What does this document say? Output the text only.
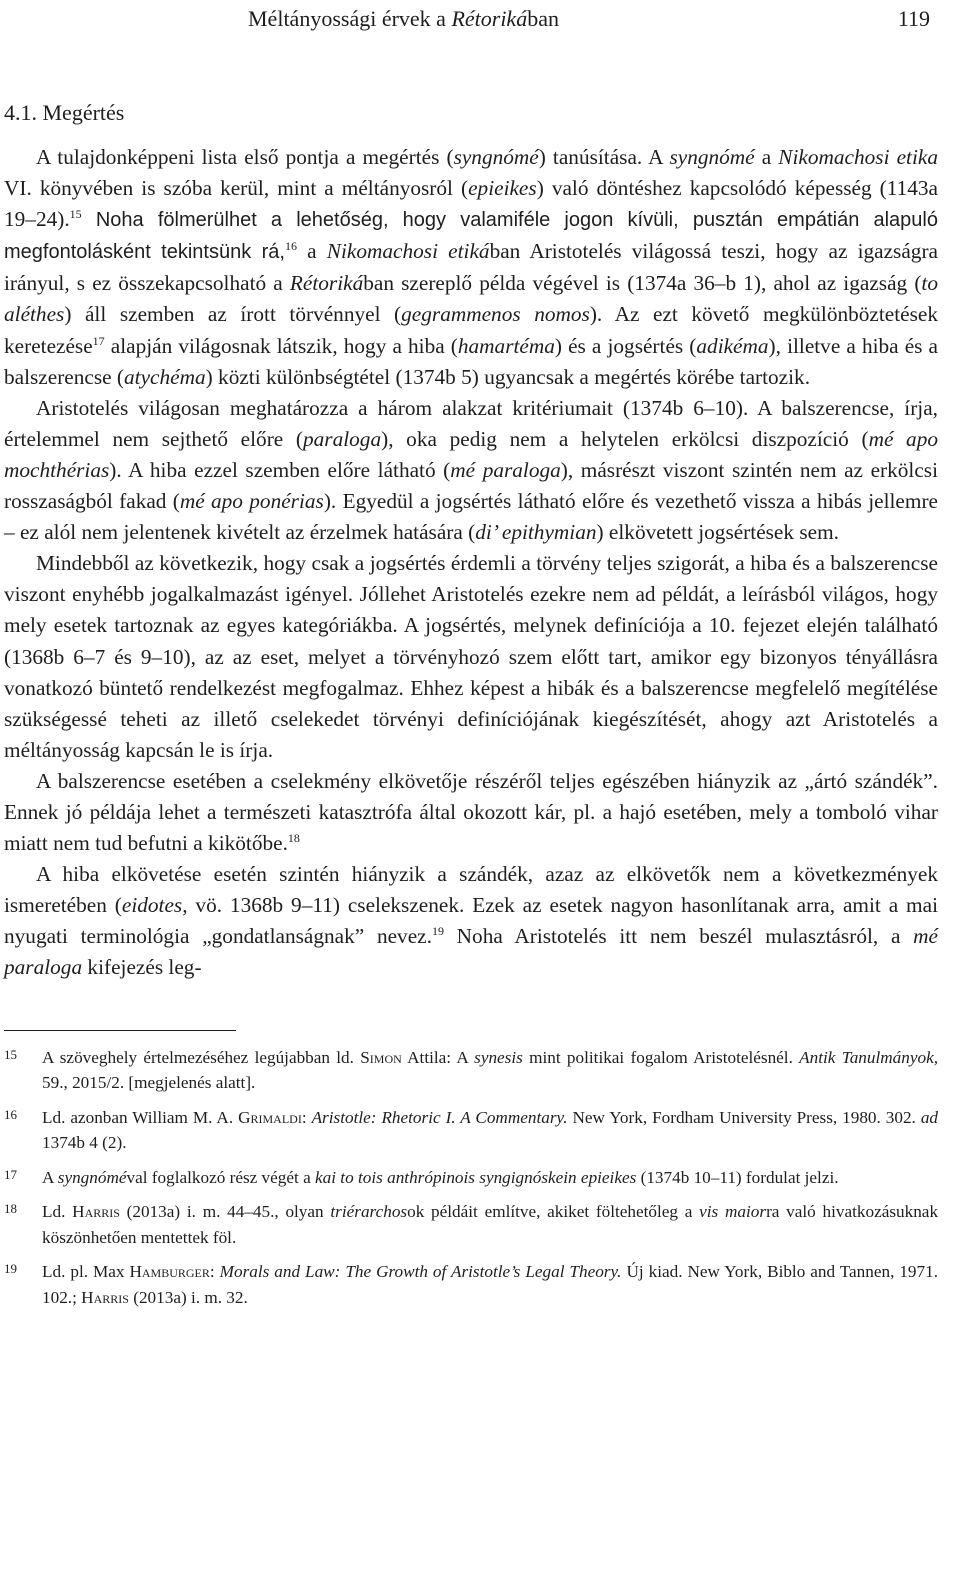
Méltányossági érvek a Rétorikában	119
4.1. Megértés

A tulajdonképpeni lista első pontja a megértés (syngnómé) tanúsítása. A syngnómé a Nikomachosi etika VI. könyvében is szóba kerül, mint a méltányosról (epieikes) való döntéshez kapcsolódó képesség (1143a 19–24).$^{15}$ Noha fölmerülhet a lehetőség, hogy valamiféle jogon kívüli, pusztán empátián alapuló megfontolásként tekintsünk rá,$^{16}$ a Nikomachosi etikában Aristotelés világossá teszi, hogy az igazságra irányul, s ez összekapcsolható a Rétorikában szereplő példa végével is (1374a 36–b 1), ahol az igazság (to aléthes) áll szemben az írott törvénnyel (gegrammenos nomos). Az ezt követő megkülönböztetések keretezése$^{17}$ alapján világosnak látszik, hogy a hiba (hamartéma) és a jogsértés (adikéma), illetve a hiba és a balszerencse (atychéma) közti különbségtétel (1374b 5) ugyancsak a megértés körébe tartozik.

Aristotelés világosan meghatározza a három alakzat kritériumait (1374b 6–10). A balszerencse, írja, értelemmel nem sejthető előre (paraloga), oka pedig nem a helytelen erkölcsi diszpozíció (mé apo mochthérias). A hiba ezzel szemben előre látható (mé paraloga), másrészt viszont szintén nem az erkölcsi rosszaságból fakad (mé apo ponérias). Egyedül a jogsértés látható előre és vezethető vissza a hibás jellemre – ez alól nem jelentenek kivételt az érzelmek hatására (di’ epithymian) elkövetett jogsértések sem.

Mindebből az következik, hogy csak a jogsértés érdemli a törvény teljes szigorát, a hiba és a balszerencse viszont enyhébb jogalkalmazást igényel. Jóllehet Aristotelés ezekre nem ad példát, a leírásból világos, hogy mely esetek tartoznak az egyes kategóriákba. A jogsértés, melynek definíciója a 10. fejezet elején található (1368b 6–7 és 9–10), az az eset, melyet a törvényhozó szem előtt tart, amikor egy bizonyos tényállásra vonatkozó büntető rendelkezést megfogalmaz. Ehhez képest a hibák és a balszerencse megfelelő megítélése szükségessé teheti az illető cselekedet törvényi definíciójának kiegészítését, ahogy azt Aristotelés a méltányosság kapcsán le is írja.

A balszerencse esetében a cselekmény elkövetője részéről teljes egészében hiányzik az „ártó szándék”. Ennek jó példája lehet a természeti katasztrófa által okozott kár, pl. a hajó esetében, mely a tomboló vihar miatt nem tud befutni a kikötőbe.$^{18}$

A hiba elkövetése esetén szintén hiányzik a szándék, azaz az elkövetők nem a következmények ismeretében (eidotes, vö. 1368b 9–11) cselekszenek. Ezek az esetek nagyon hasonlítanak arra, amit a mai nyugati terminológia „gondatlanságnak” nevez.$^{19}$ Noha Aristotelés itt nem beszél mulasztásról, a mé paraloga kifejezés leg-

15	A szöveghely értelmezéséhez legújabban ld. Simon Attila: A synesis mint politikai fogalom Aristotelésnél. Antik Tanulmányok, 59., 2015/2. [megjelenés alatt].
16	Ld. azonban William M. A. Grimaldi: Aristotle: Rhetoric I. A Commentary. New York, Fordham University Press, 1980. 302. ad 1374b 4 (2).
17	A syngnóméval foglalkozó rész végét a kai to tois anthrópinois syngignóskein epieikes (1374b 10–11) fordulat jelzi.
18	Ld. Harris (2013a) i. m. 44–45., olyan triérarchosok példáit említve, akiket föltehetőleg a vis maiorra való hivatkozásuknak köszönhetően mentettek föl.
19	Ld. pl. Max Hamburger: Morals and Law: The Growth of Aristotle’s Legal Theory. Új kiad. New York, Biblo and Tannen, 1971. 102.; Harris (2013a) i. m. 32.
